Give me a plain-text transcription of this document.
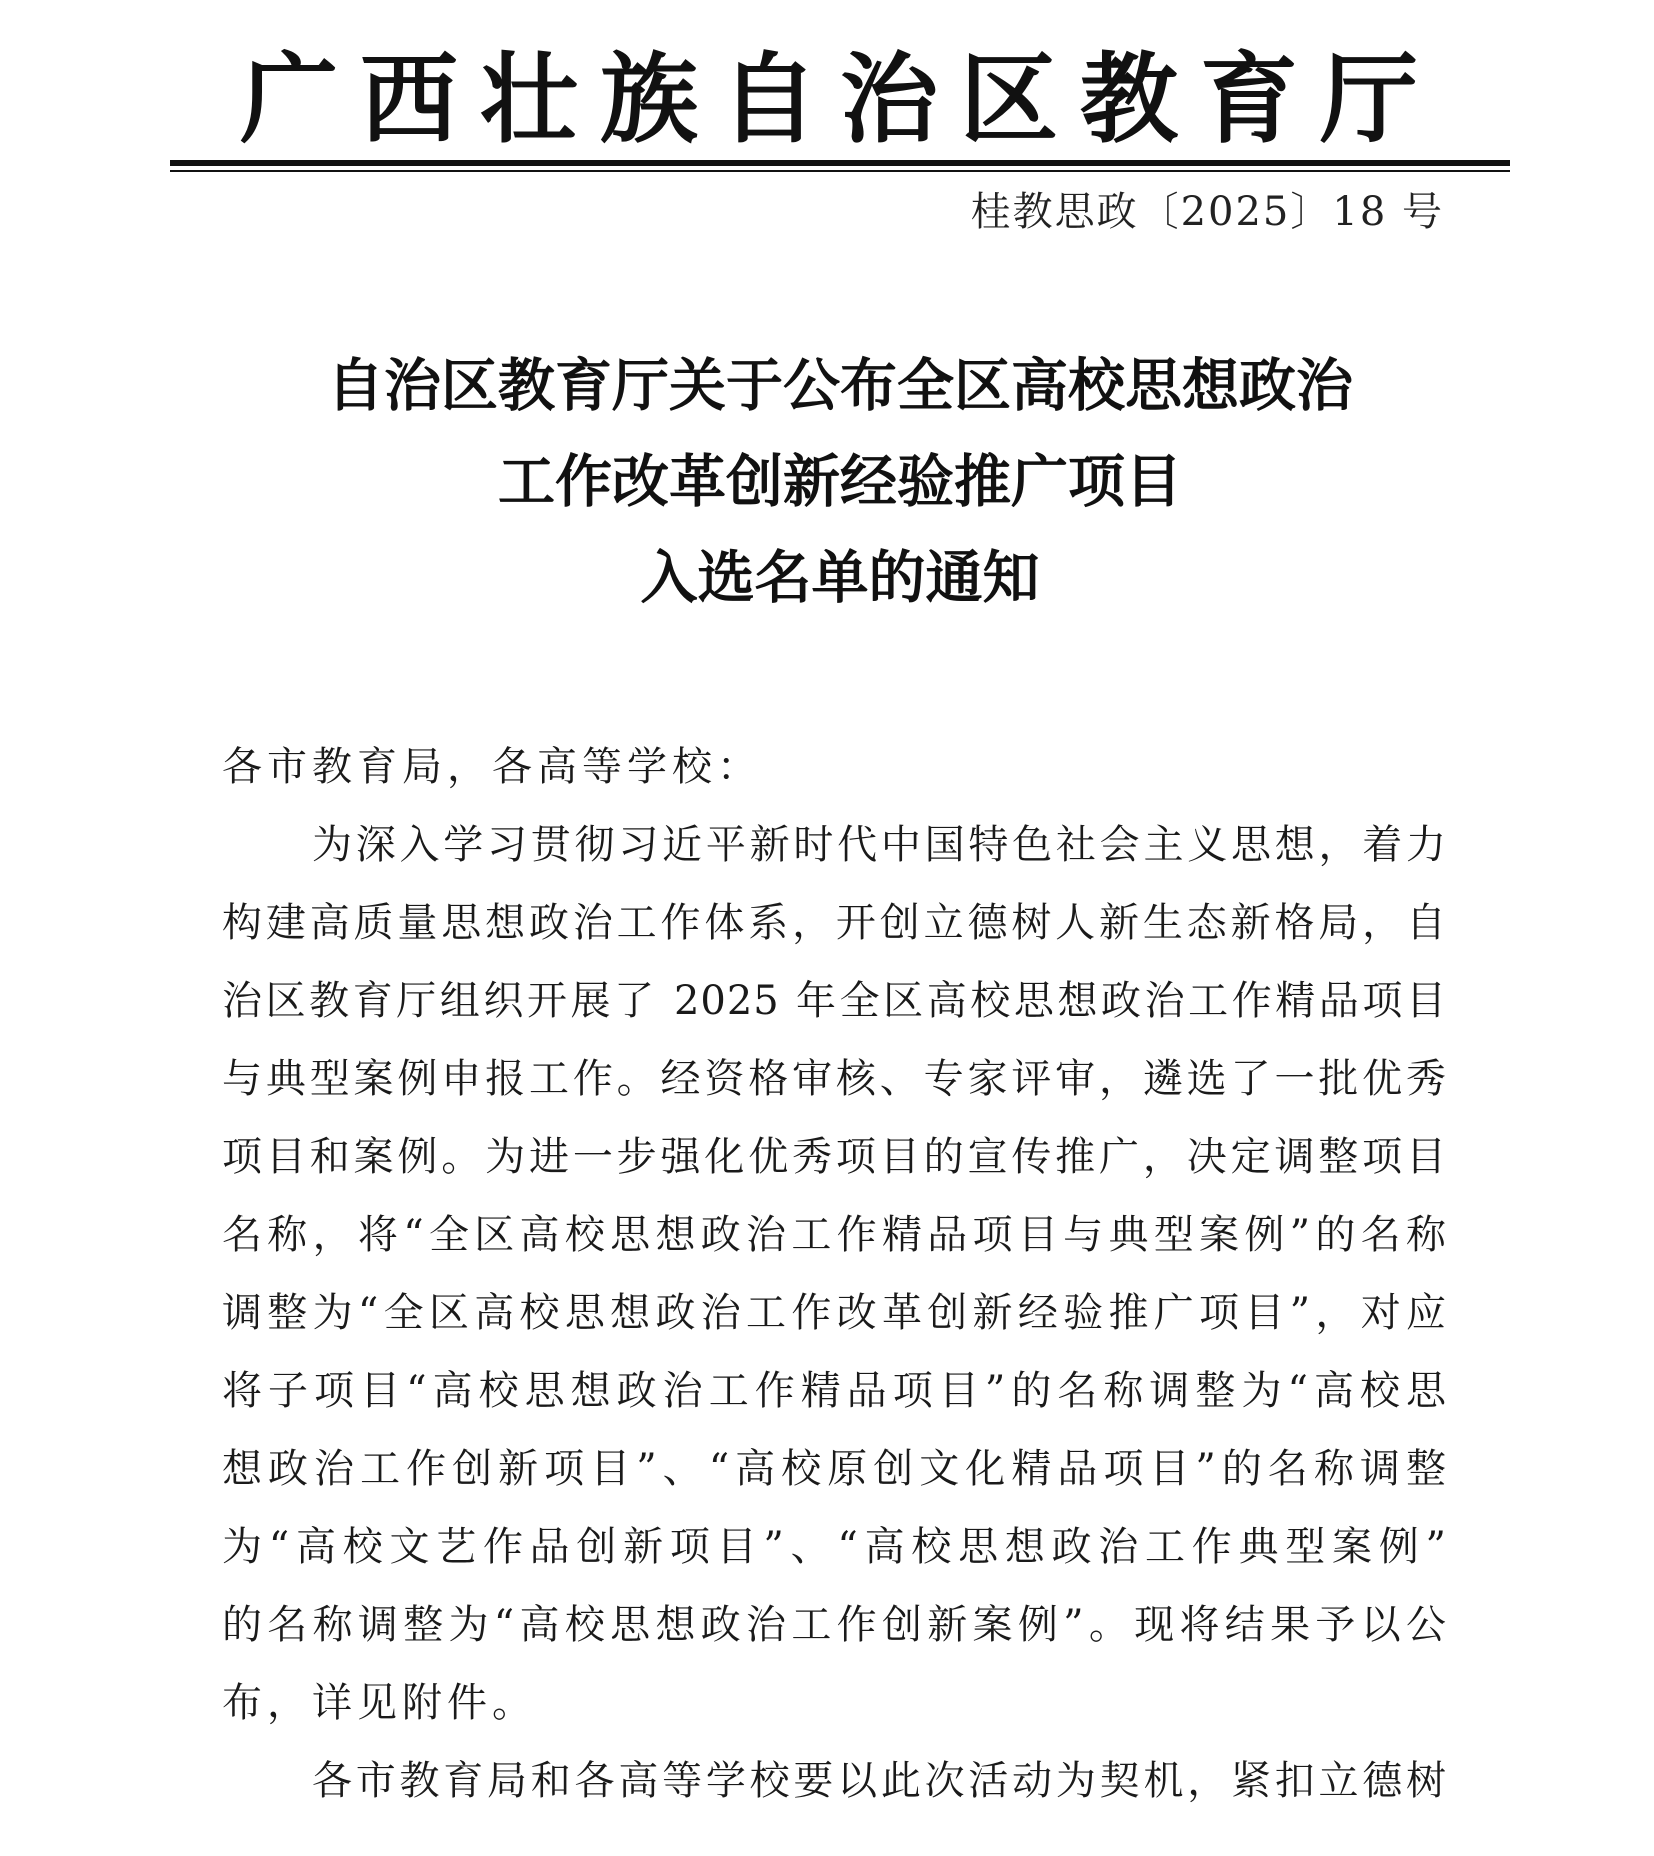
广西壮族自治区教育厅
桂教思政〔2025〕18 号
自治区教育厅关于公布全区高校思想政治
工作改革创新经验推广项目
入选名单的通知
各市教育局，各高等学校：
为深入学习贯彻习近平新时代中国特色社会主义思想，着力
构建高质量思想政治工作体系，开创立德树人新生态新格局，自
治区教育厅组织开展了 2025 年全区高校思想政治工作精品项目
与典型案例申报工作。经资格审核、专家评审，遴选了一批优秀
项目和案例。为进一步强化优秀项目的宣传推广，决定调整项目
名称，将“全区高校思想政治工作精品项目与典型案例”的名称
调整为“全区高校思想政治工作改革创新经验推广项目”，对应
将子项目“高校思想政治工作精品项目”的名称调整为“高校思
想政治工作创新项目”、“高校原创文化精品项目”的名称调整
为“高校文艺作品创新项目”、“高校思想政治工作典型案例”
的名称调整为“高校思想政治工作创新案例”。现将结果予以公
布，详见附件。
各市教育局和各高等学校要以此次活动为契机，紧扣立德树
